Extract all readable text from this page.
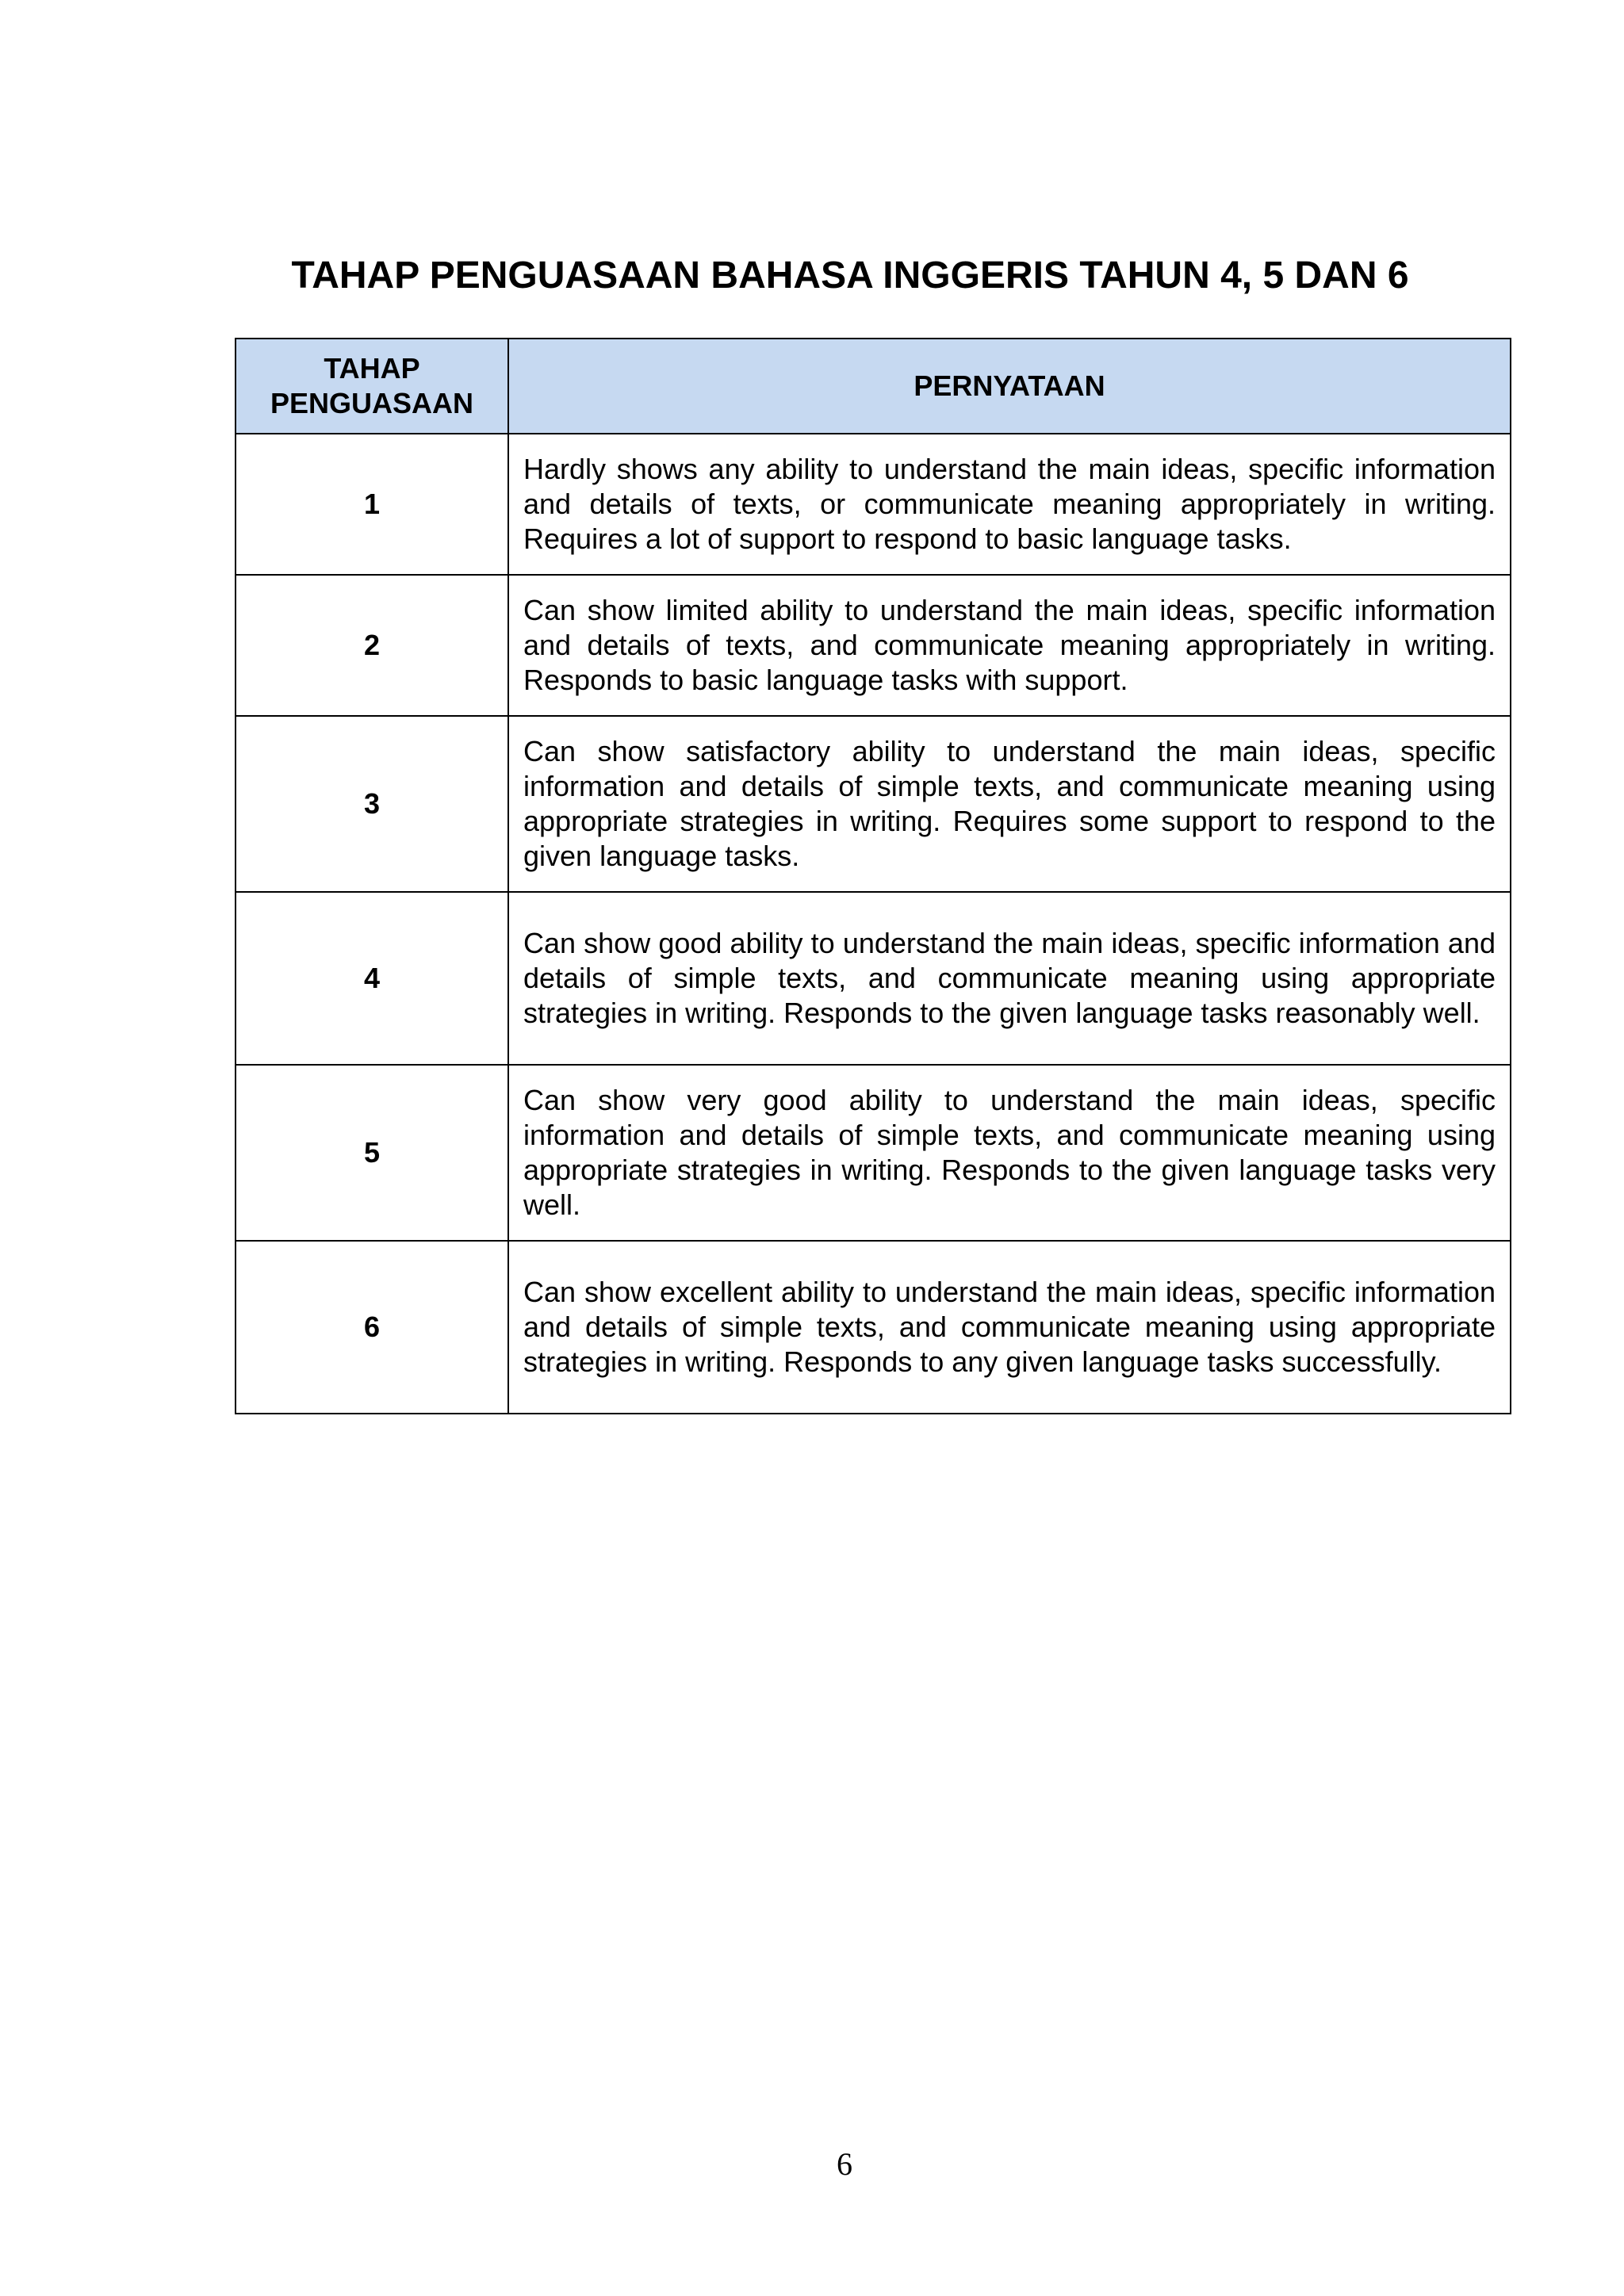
TAHAP PENGUASAAN BAHASA INGGERIS TAHUN 4, 5 DAN 6
TAHAP PENGUASAAN	PERNYATAAN
1	Hardly shows any ability to understand the main ideas, specific information and details of texts, or communicate meaning appropriately in writing. Requires a lot of support to respond to basic language tasks.
2	Can show limited ability to understand the main ideas, specific information and details of texts, and communicate meaning appropriately in writing. Responds to basic language tasks with support.
3	Can show satisfactory ability to understand the main ideas, specific information and details of simple texts, and communicate meaning using appropriate strategies in writing. Requires some support to respond to the given language tasks.
4	Can show good ability to understand the main ideas, specific information and details of simple texts, and communicate meaning using appropriate strategies in writing. Responds to the given language tasks reasonably well.
5	Can show very good ability to understand the main ideas, specific information and details of simple texts, and communicate meaning using appropriate strategies in writing. Responds to the given language tasks very well.
6	Can show excellent ability to understand the main ideas, specific information and details of simple texts, and communicate meaning using appropriate strategies in writing. Responds to any given language tasks successfully.

6
